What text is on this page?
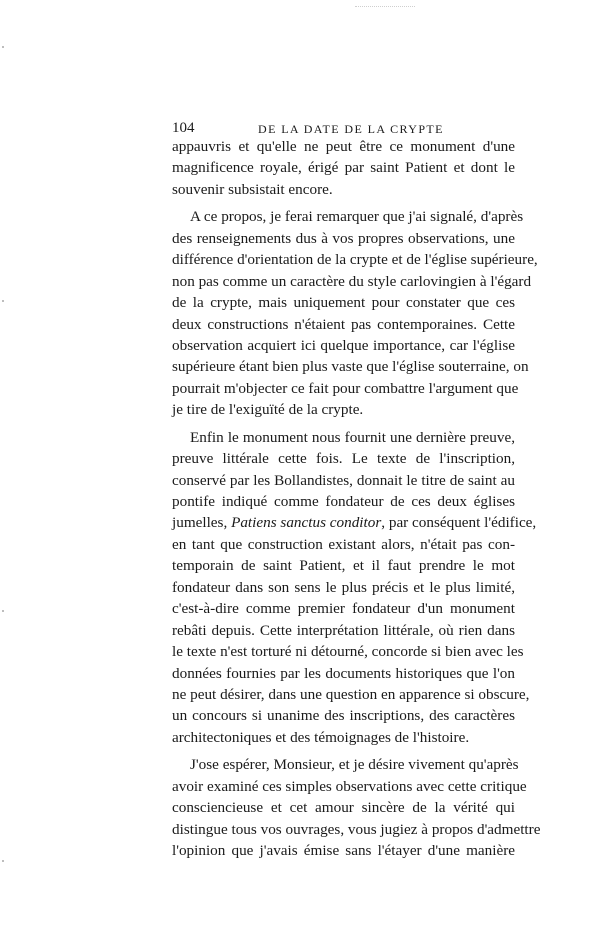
104	DE LA DATE DE LA CRYPTE
appauvris et qu'elle ne peut être ce monument d'une
magnificence royale, érigé par saint Patient et dont le
souvenir subsistait encore.
A ce propos, je ferai remarquer que j'ai signalé, d'après
des renseignements dus à vos propres observations, une
différence d'orientation de la crypte et de l'église supérieure,
non pas comme un caractère du style carlovingien à l'égard
de la crypte, mais uniquement pour constater que ces
deux constructions n'étaient pas contemporaines. Cette
observation acquiert ici quelque importance, car l'église
supérieure étant bien plus vaste que l'église souterraine, on
pourrait m'objecter ce fait pour combattre l'argument que
je tire de l'exiguïté de la crypte.
Enfin le monument nous fournit une dernière preuve,
preuve littérale cette fois. Le texte de l'inscription,
conservé par les Bollandistes, donnait le titre de saint au
pontife indiqué comme fondateur de ces deux églises
jumelles, Patiens sanctus conditor, par conséquent l'édifice,
en tant que construction existant alors, n'était pas con-
temporain de saint Patient, et il faut prendre le mot
fondateur dans son sens le plus précis et le plus limité,
c'est-à-dire comme premier fondateur d'un monument
rebâti depuis. Cette interprétation littérale, où rien dans
le texte n'est torturé ni détourné, concorde si bien avec les
données fournies par les documents historiques que l'on
ne peut désirer, dans une question en apparence si obscure,
un concours si unanime des inscriptions, des caractères
architectoniques et des témoignages de l'histoire.
J'ose espérer, Monsieur, et je désire vivement qu'après
avoir examiné ces simples observations avec cette critique
consciencieuse et cet amour sincère de la vérité qui
distingue tous vos ouvrages, vous jugiez à propos d'admettre
l'opinion que j'avais émise sans l'étayer d'une manière
